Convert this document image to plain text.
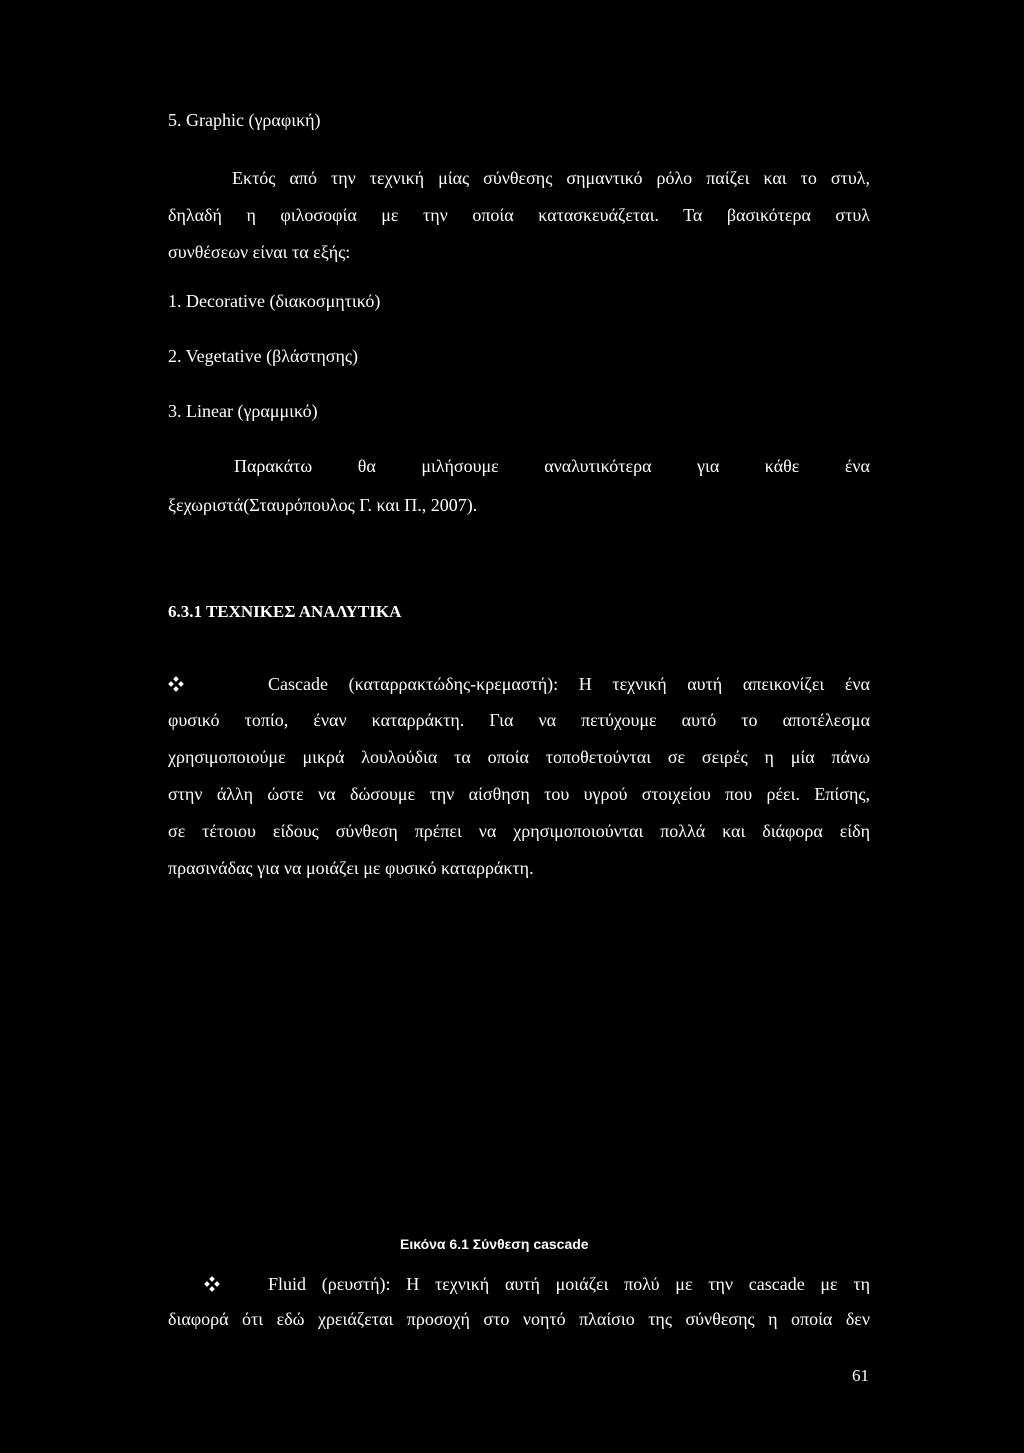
5. Graphic (γραφική)
Εκτός από την τεχνική μίας σύνθεσης σημαντικό ρόλο παίζει και το στυλ,
δηλαδή η φιλοσοφία με την οποία κατασκευάζεται. Τα βασικότερα στυλ
συνθέσεων είναι τα εξής:
1. Decorative (διακοσμητικό)
2. Vegetative (βλάστησης)
3. Linear (γραμμικό)
Παρακάτω θα μιλήσουμε αναλυτικότερα για κάθε ένα
ξεχωριστά(Σταυρόπουλος Γ. και Π., 2007).
6.3.1 ΤΕΧΝΙΚΕΣ ΑΝΑΛΥΤΙΚΑ
Cascade (καταρρακτώδης-κρεμαστή): Η τεχνική αυτή απεικονίζει ένα
φυσικό τοπίο, έναν καταρράκτη. Για να πετύχουμε αυτό το αποτέλεσμα
χρησιμοποιούμε μικρά λουλούδια τα οποία τοποθετούνται σε σειρές η μία πάνω
στην άλλη ώστε να δώσουμε την αίσθηση του υγρού στοιχείου που ρέει. Επίσης,
σε τέτοιου είδους σύνθεση πρέπει να χρησιμοποιούνται πολλά και διάφορα είδη
πρασινάδας για να μοιάζει με φυσικό καταρράκτη.
Εικόνα 6.1 Σύνθεση cascade
Fluid (ρευστή): Η τεχνική αυτή μοιάζει πολύ με την cascade με τη
διαφορά ότι εδώ χρειάζεται προσοχή στο νοητό πλαίσιο της σύνθεσης η οποία δεν
61
